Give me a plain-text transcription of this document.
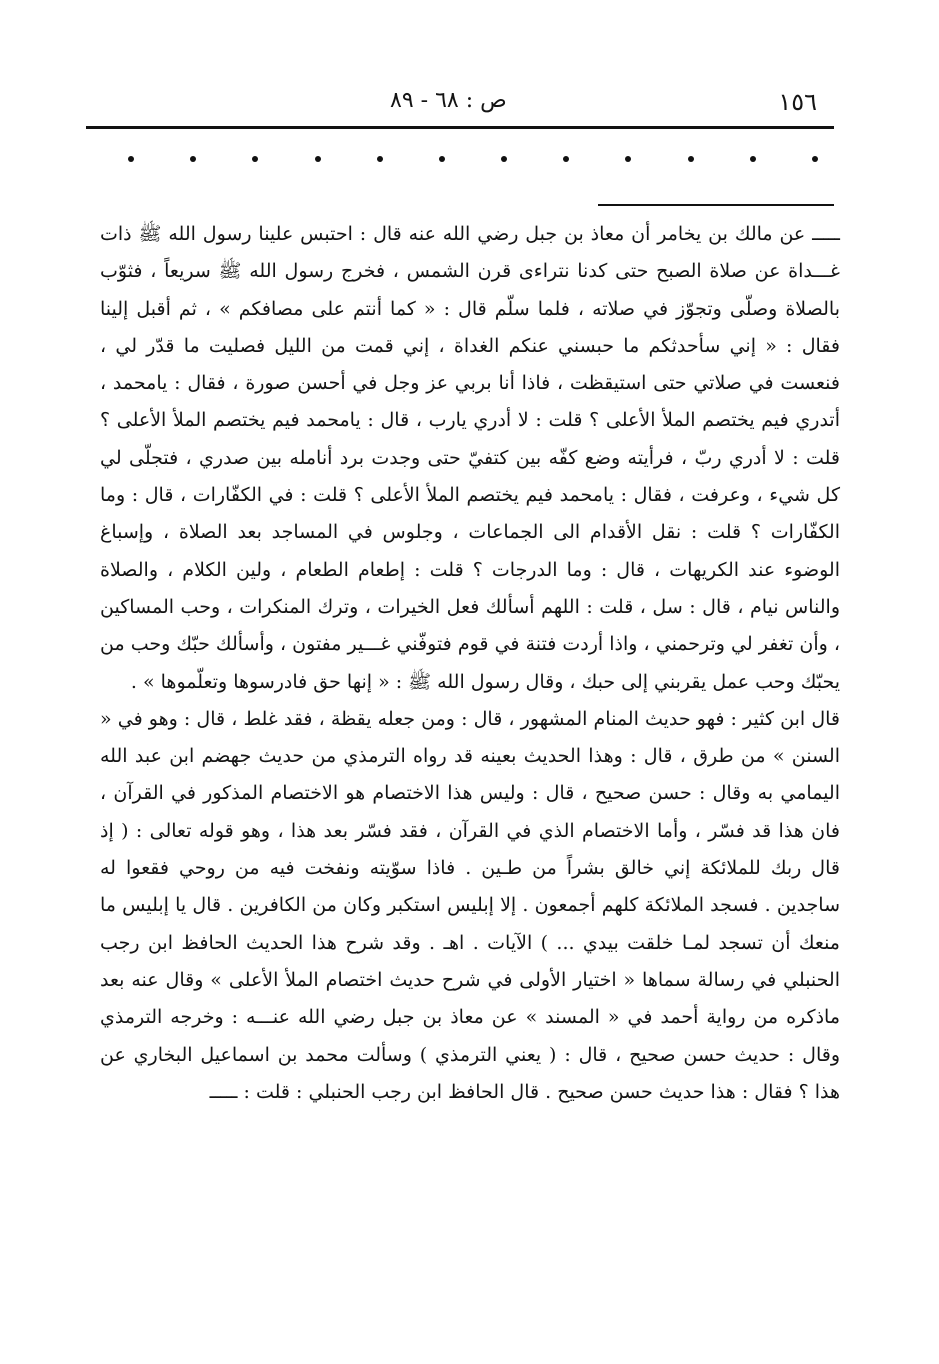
١٥٦
ص : ٦٨ - ٨٩

ـــــ عن مالك بن يخامر أن معاذ بن جبل رضي الله عنه قال : احتبس علينا رسول الله ﷺ ذات غـــداة عن صلاة الصبح حتى كدنا نتراءى قرن الشمس ، فخرج رسول الله ﷺ سريعاً ، فثوّب بالصلاة وصلّى وتجوّز في صلاته ، فلما سلّم قال : « كما أنتم على مصافكم » ، ثم أقبل إلينا فقال : « إني سأحدثكم ما حبسني عنكم الغداة ، إني قمت من الليل فصليت ما قدّر لي ، فنعست في صلاتي حتى استيقظت ، فاذا أنا بربي عز وجل في أحسن صورة ، فقال : يامحمد ، أتدري فيم يختصم الملأ الأعلى ؟ قلت : لا أدري يارب ، قال : يامحمد فيم يختصم الملأ الأعلى ؟ قلت : لا أدري ربّ ، فرأيته وضع كفّه بين كتفيّ حتى وجدت برد أنامله بين صدري ، فتجلّى لي كل شيء ، وعرفت ، فقال : يامحمد فيم يختصم الملأ الأعلى ؟ قلت : في الكفّارات ، قال : وما الكفّارات ؟ قلت : نقل الأقدام الى الجماعات ، وجلوس في المساجد بعد الصلاة ، وإسباغ الوضوء عند الكريهات ، قال : وما الدرجات ؟ قلت : إطعام الطعام ، ولين الكلام ، والصلاة والناس نيام ، قال : سل ، قلت : اللهم أسألك فعل الخيرات ، وترك المنكرات ، وحب المساكين ، وأن تغفر لي وترحمني ، واذا أردت فتنة في قوم فتوفّني غـــير مفتون ، وأسألك حبّك وحب من يحبّك وحب عمل يقربني إلى حبك ، وقال رسول الله ﷺ : « إنها حق فادرسوها وتعلّموها » .

قال ابن كثير : فهو حديث المنام المشهور ، قال : ومن جعله يقظة ، فقد غلط ، قال : وهو في « السنن » من طرق ، قال : وهذا الحديث بعينه قد رواه الترمذي من حديث جهضم ابن عبد الله اليمامي به وقال : حسن صحيح ، قال : وليس هذا الاختصام هو الاختصام المذكور في القرآن ، فان هذا قد فسّر ، وأما الاختصام الذي في القرآن ، فقد فسّر بعد هذا ، وهو قوله تعالى : ( إذ قال ربك للملائكة إني خالق بشراً من طـين . فاذا سوّيته ونفخت فيه من روحي فقعوا له ساجدين . فسجد الملائكة كلهم أجمعون . إلا إبليس استكبر وكان من الكافرين . قال يا إبليس ما منعك أن تسجد لمـا خلقت بيدي ... ) الآيات . اهـ . وقد شرح هذا الحديث الحافظ ابن رجب الحنبلي في رسالة سماها « اختيار الأولى في شرح حديث اختصام الملأ الأعلى » وقال عنه بعد ماذكره من رواية أحمد في « المسند » عن معاذ بن جبل رضي الله عنـــه : وخرجه الترمذي وقال : حديث حسن صحيح ، قال : ( يعني الترمذي ) وسألت محمد بن اسماعيل البخاري عن هذا ؟ فقال : هذا حديث حسن صحيح . قال الحافظ ابن رجب الحنبلي : قلت : ـــــ
